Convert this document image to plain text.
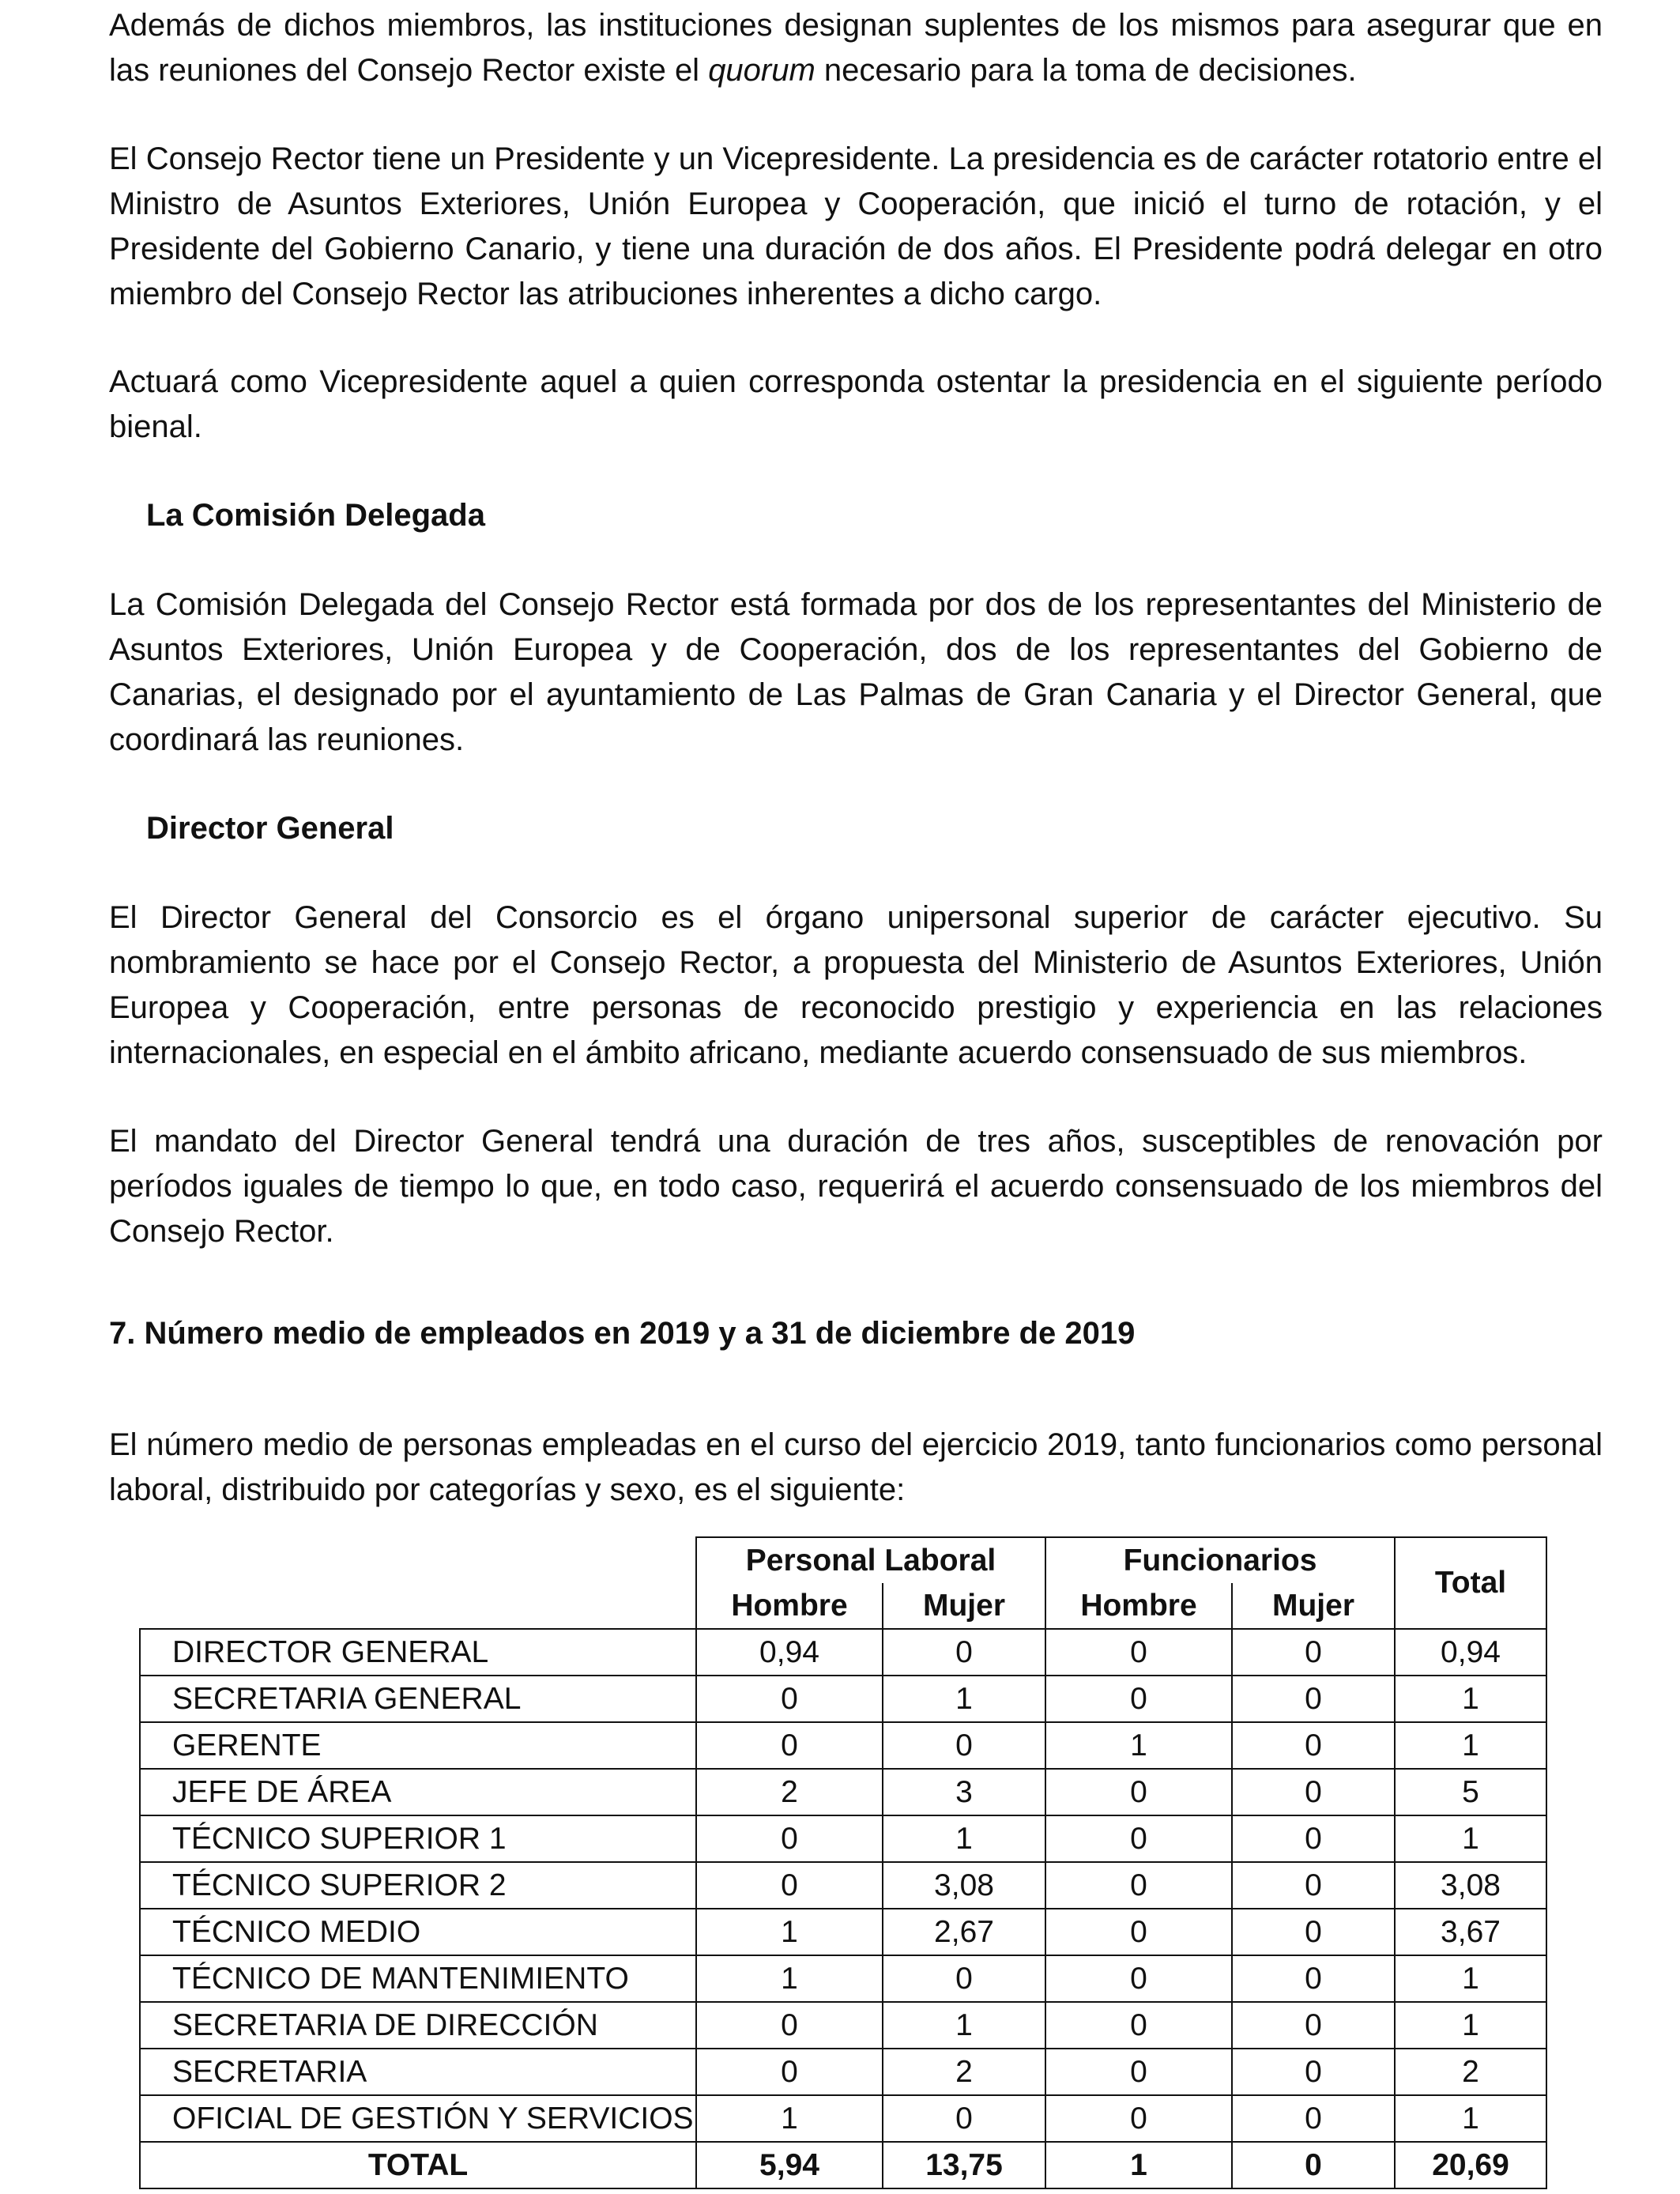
Además de dichos miembros, las instituciones designan suplentes de los mismos para asegurar que en las reuniones del Consejo Rector existe el quorum necesario para la toma de decisiones.

El Consejo Rector tiene un Presidente y un Vicepresidente. La presidencia es de carácter rotatorio entre el Ministro de Asuntos Exteriores, Unión Europea y Cooperación, que inició el turno de rotación, y el Presidente del Gobierno Canario, y tiene una duración de dos años. El Presidente podrá delegar en otro miembro del Consejo Rector las atribuciones inherentes a dicho cargo.

Actuará como Vicepresidente aquel a quien corresponda ostentar la presidencia en el siguiente período bienal.

La Comisión Delegada

La Comisión Delegada del Consejo Rector está formada por dos de los representantes del Ministerio de Asuntos Exteriores, Unión Europea y de Cooperación, dos de los representantes del Gobierno de Canarias, el designado por el ayuntamiento de Las Palmas de Gran Canaria y el Director General, que coordinará las reuniones.

Director General

El Director General del Consorcio es el órgano unipersonal superior de carácter ejecutivo. Su nombramiento se hace por el Consejo Rector, a propuesta del Ministerio de Asuntos Exteriores, Unión Europea y Cooperación, entre personas de reconocido prestigio y experiencia en las relaciones internacionales, en especial en el ámbito africano, mediante acuerdo consensuado de sus miembros.

El mandato del Director General tendrá una duración de tres años, susceptibles de renovación por períodos iguales de tiempo lo que, en todo caso, requerirá el acuerdo consensuado de los miembros del Consejo Rector.

7. Número medio de empleados en 2019 y a 31 de diciembre de 2019

El número medio de personas empleadas en el curso del ejercicio 2019, tanto funcionarios como personal laboral, distribuido por categorías y sexo, es el siguiente:

	Personal Laboral		Funcionarios		Total
	Hombre	Mujer	Hombre	Mujer	
DIRECTOR GENERAL	0,94	0	0	0	0,94
SECRETARIA GENERAL	0	1	0	0	1
GERENTE	0	0	1	0	1
JEFE DE ÁREA	2	3	0	0	5
TÉCNICO SUPERIOR 1	0	1	0	0	1
TÉCNICO SUPERIOR 2	0	3,08	0	0	3,08
TÉCNICO MEDIO	1	2,67	0	0	3,67
TÉCNICO DE MANTENIMIENTO	1	0	0	0	1
SECRETARIA DE DIRECCIÓN	0	1	0	0	1
SECRETARIA	0	2	0	0	2
OFICIAL DE GESTIÓN Y SERVICIOS	1	0	0	0	1
TOTAL	5,94	13,75	1	0	20,69
